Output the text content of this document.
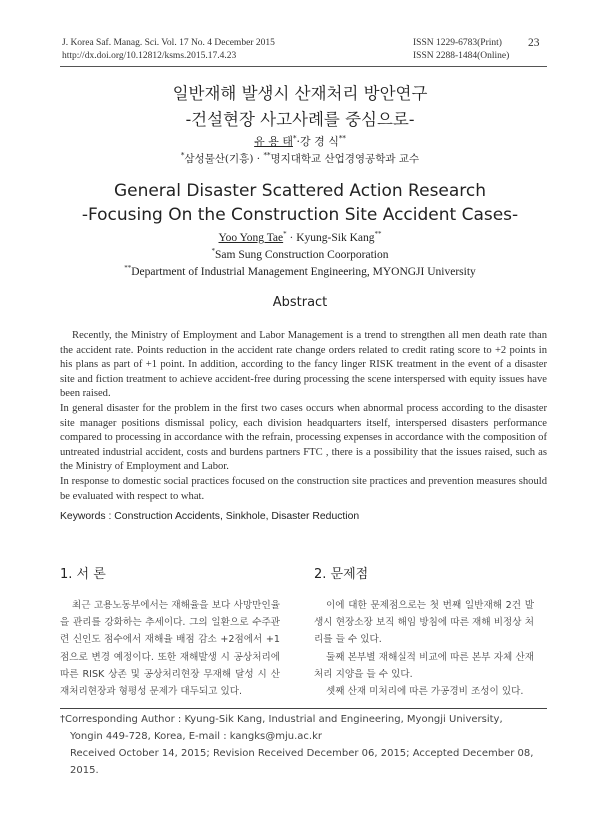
J. Korea Saf. Manag. Sci. Vol. 17 No. 4 December 2015
http://dx.doi.org/10.12812/ksms.2015.17.4.23
ISSN 1229-6783(Print)
ISSN 2288-1484(Online)
23
일반재해 발생시 산재처리 방안연구
-건설현장 사고사례를 중심으로-
유 용 태*·강 경 식**
*삼성물산(기흥) · **명지대학교 산업경영공학과 교수
General Disaster Scattered Action Research
-Focusing On the Construction Site Accident Cases-
Yoo Yong Tae* · Kyung-Sik Kang**
*Sam Sung Construction Coorporation
**Department of Industrial Management Engineering, MYONGJI University
Abstract

Recently, the Ministry of Employment and Labor Management is a trend to strengthen all men death rate than the accident rate. Points reduction in the accident rate change orders related to credit rating score to +2 points in his plans as part of +1 point. In addition, according to the fancy linger RISK treatment in the event of a disaster site and fiction treatment to achieve accident-free during processing the scene interspersed with equity issues have been raised.

In general disaster for the problem in the first two cases occurs when abnormal process according to the disaster site manager positions dismissal policy, each division headquarters itself, interspersed disasters performance compared to processing in accordance with the refrain, processing expenses in accordance with the composition of untreated industrial accident, costs and burdens partners FTC , there is a possibility that the issues raised, such as the Ministry of Employment and Labor.

In response to domestic social practices focused on the construction site practices and prevention measures should be evaluated with respect to what.

Keywords : Construction Accidents, Sinkhole, Disaster Reduction
1. 서 론	2. 문제점

최근 고용노동부에서는 재해율을 보다 사망만인율을 관리를 강화하는 추세이다. 그의 일환으로 수주관련 신인도 점수에서 재해율 배점 감소 +2점에서 +1점으로 변경 예정이다. 또한 재해발생 시 공상처리에 따른 RISK 상존 및 공상처리현장 무재해 달성 시 산재처리현장과 형평성 문제가 대두되고 있다.

이에 대한 문제점으로는 첫 번째 일반재해 2건 발생시 현장소장 보직 해임 방침에 따른 재해 비정상 처리를 들 수 있다.

둘째 본부별 재해실적 비교에 따른 본부 자체 산재처리 지양을 들 수 있다.

셋째 산재 미처리에 따른 가공경비 조성이 있다.

†Corresponding Author : Kyung-Sik Kang, Industrial and Engineering, Myongji University,
Yongin 449-728, Korea, E-mail : kangks@mju.ac.kr
Received October 14, 2015; Revision Received December 06, 2015; Accepted December 08, 2015.
